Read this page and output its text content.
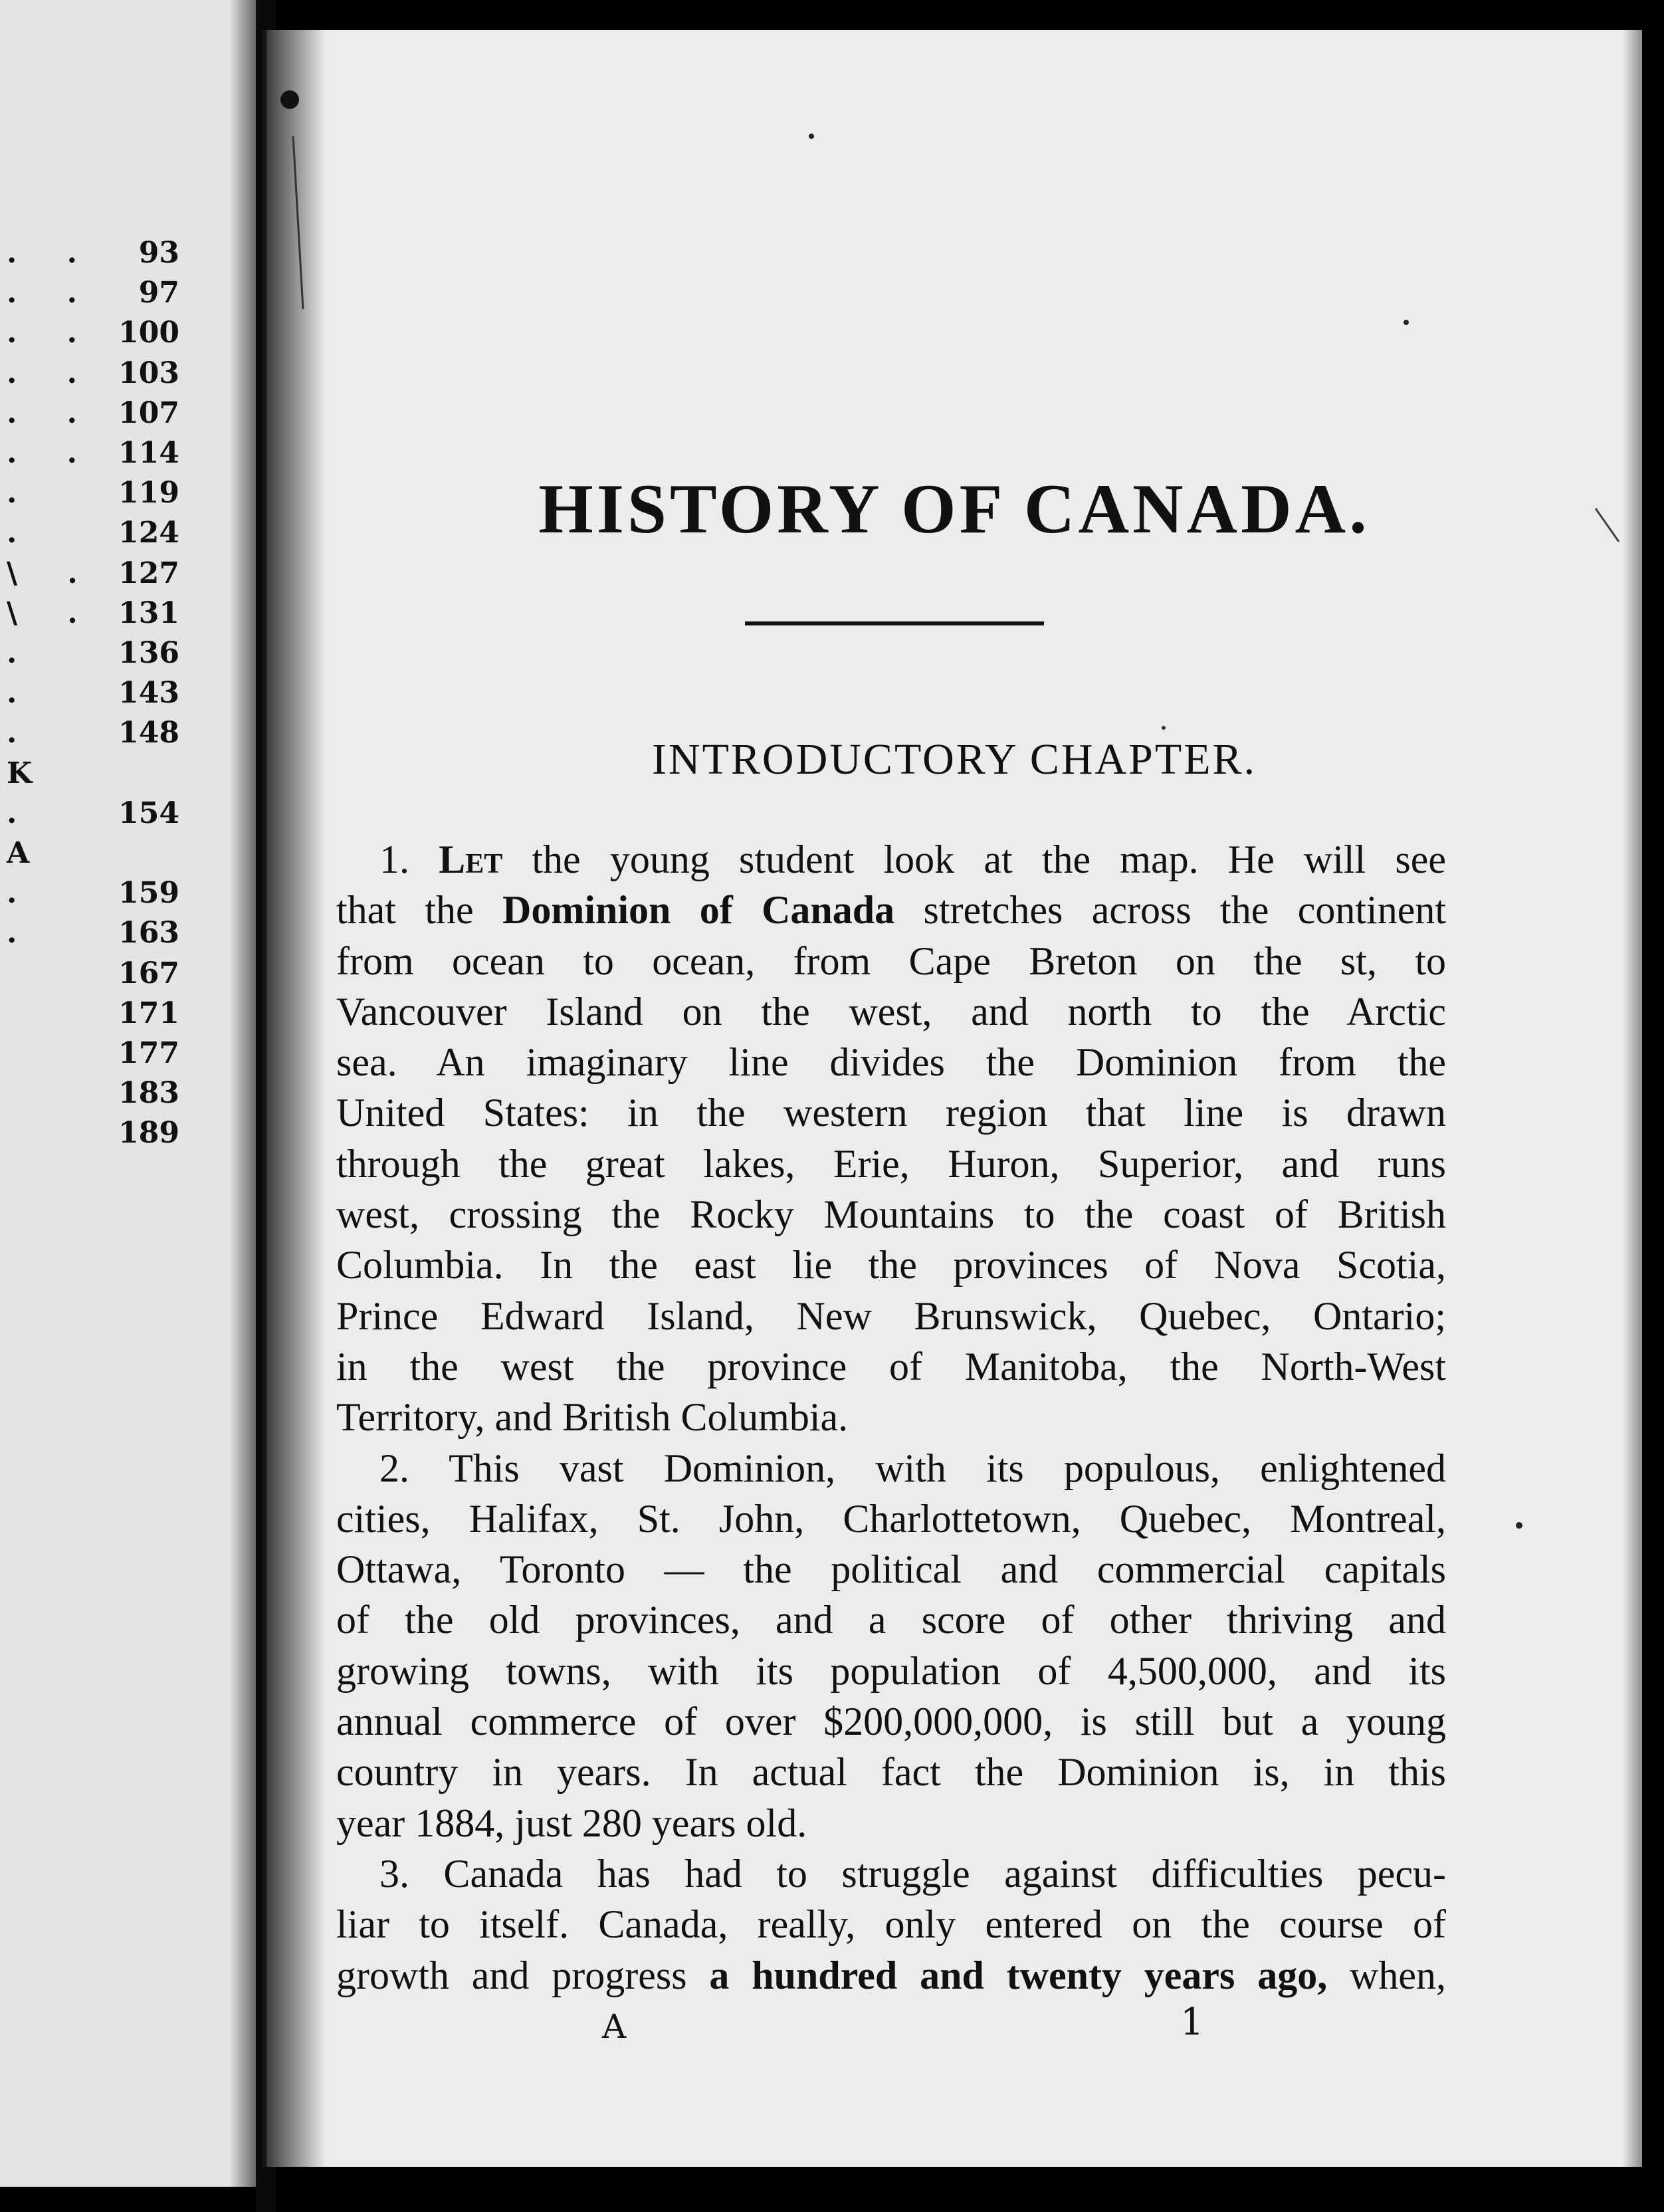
. . 93
. . 97
. . 100
. . 103
. . 107
. . 114
.	119
.	124
\ . 127
\ . 131
.	136
.	143
.	148
K
.	154
A
.	159
.	163
167
171
177
183
189
HISTORY OF CANADA.
INTRODUCTORY CHAPTER.
1. Let the young student look at the map. He will see
that the Dominion of Canada stretches across the continent
from ocean to ocean, from Cape Breton on the st, to
Vancouver Island on the west, and north to the Arctic
sea. An imaginary line divides the Dominion from the
United States: in the western region that line is drawn
through the great lakes, Erie, Huron, Superior, and runs
west, crossing the Rocky Mountains to the coast of British
Columbia. In the east lie the provinces of Nova Scotia,
Prince Edward Island, New Brunswick, Quebec, Ontario;
in the west the province of Manitoba, the North-West
Territory, and British Columbia.
2. This vast Dominion, with its populous, enlightened
cities, Halifax, St. John, Charlottetown, Quebec, Montreal,
Ottawa, Toronto — the political and commercial capitals
of the old provinces, and a score of other thriving and
growing towns, with its population of 4,500,000, and its
annual commerce of over $200,000,000, is still but a young
country in years. In actual fact the Dominion is, in this
year 1884, just 280 years old.
3. Canada has had to struggle against difficulties pecu-
liar to itself. Canada, really, only entered on the course of
growth and progress a hundred and twenty years ago, when,
A	1
